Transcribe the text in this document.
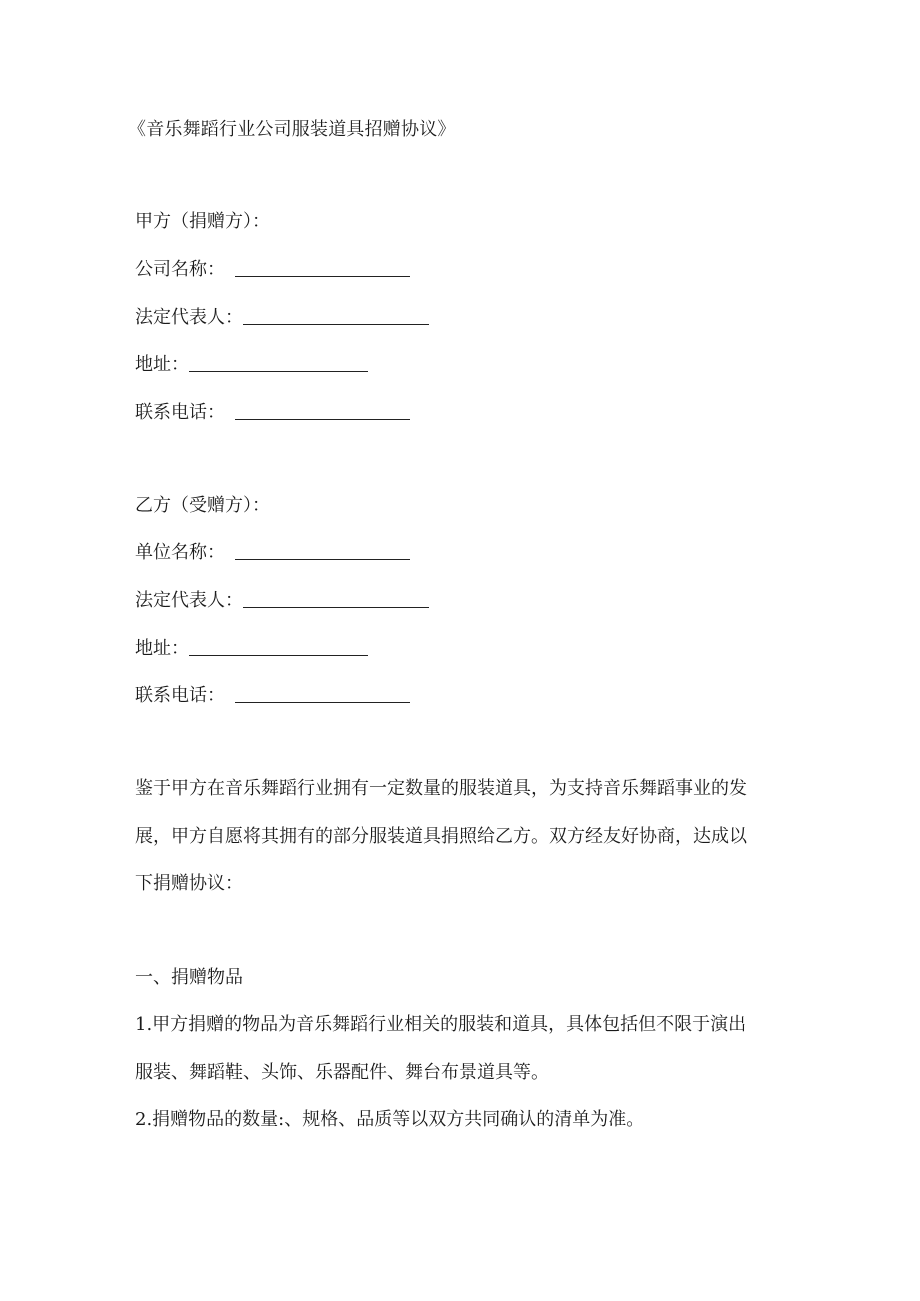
《音乐舞蹈行业公司服装道具招赠协议》
甲方（捐赠方）：
公司名称：
法定代表人：
地址：
联系电话：
乙方（受赠方）：
单位名称：
法定代表人：
地址：
联系电话：
鉴于甲方在音乐舞蹈行业拥有一定数量的服装道具，为支持音乐舞蹈事业的发
展，甲方自愿将其拥有的部分服装道具捐照给乙方。双方经友好协商，达成以
下捐赠协议：
一、捐赠物品
1.甲方捐赠的物品为音乐舞蹈行业相关的服装和道具，具体包括但不限于演出
服装、舞蹈鞋、头饰、乐器配件、舞台布景道具等。
2.捐赠物品的数量:、规格、品质等以双方共同确认的清单为准。
